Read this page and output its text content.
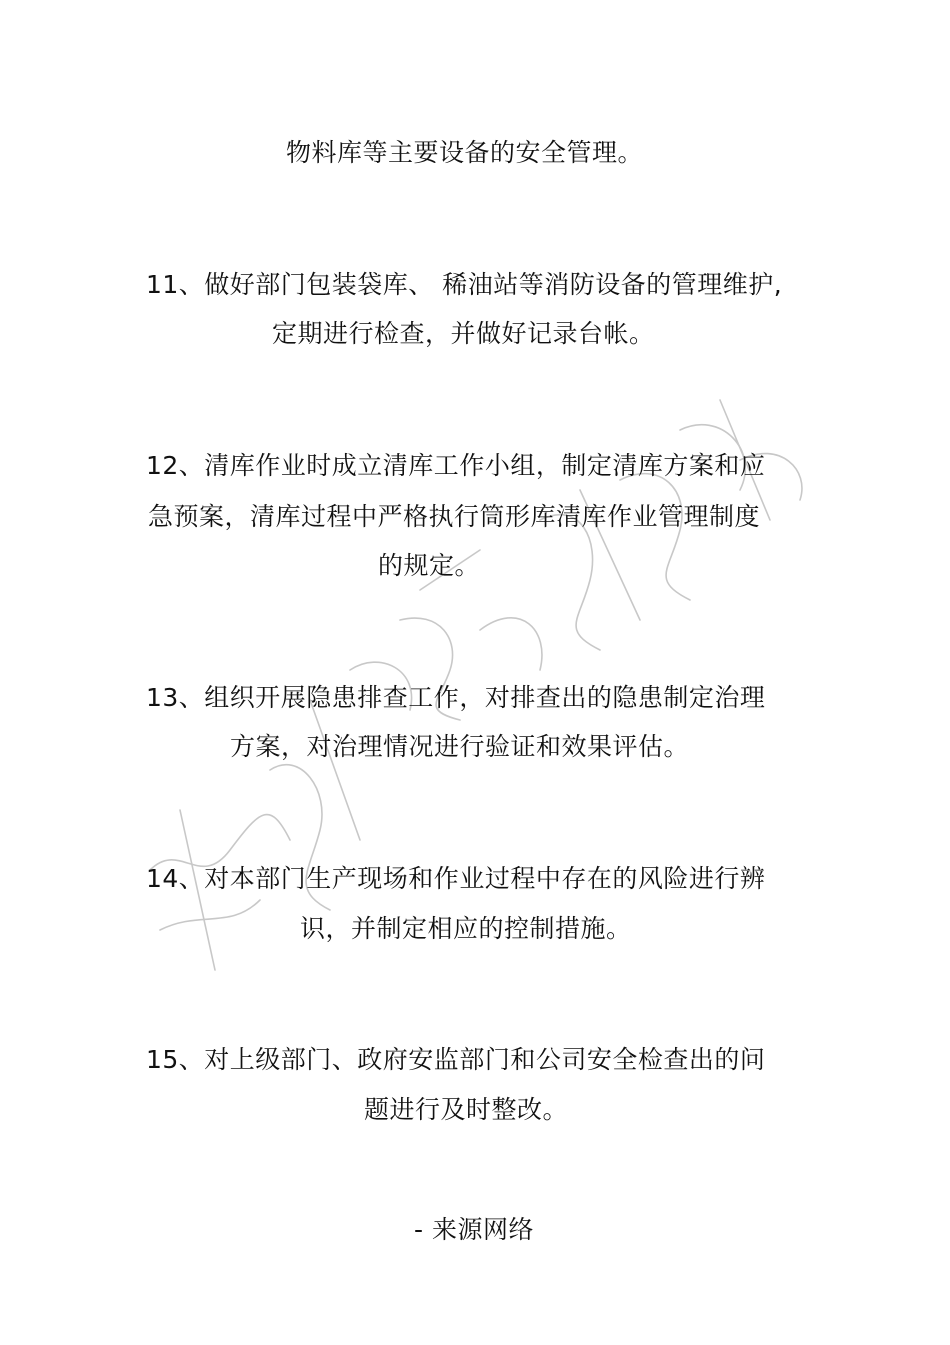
物料库等主要设备的安全管理。
11、做好部门包装袋库、 稀油站等消防设备的管理维护,
定期进行检查，并做好记录台帐。
12、清库作业时成立清库工作小组，制定清库方案和应
急预案，清库过程中严格执行筒形库清库作业管理制度
的规定。
13、组织开展隐患排查工作，对排查出的隐患制定治理
方案，对治理情况进行验证和效果评估。
14、对本部门生产现场和作业过程中存在的风险进行辨
识，并制定相应的控制措施。
15、对上级部门、政府安监部门和公司安全检查出的问
题进行及时整改。
- 来源网络
